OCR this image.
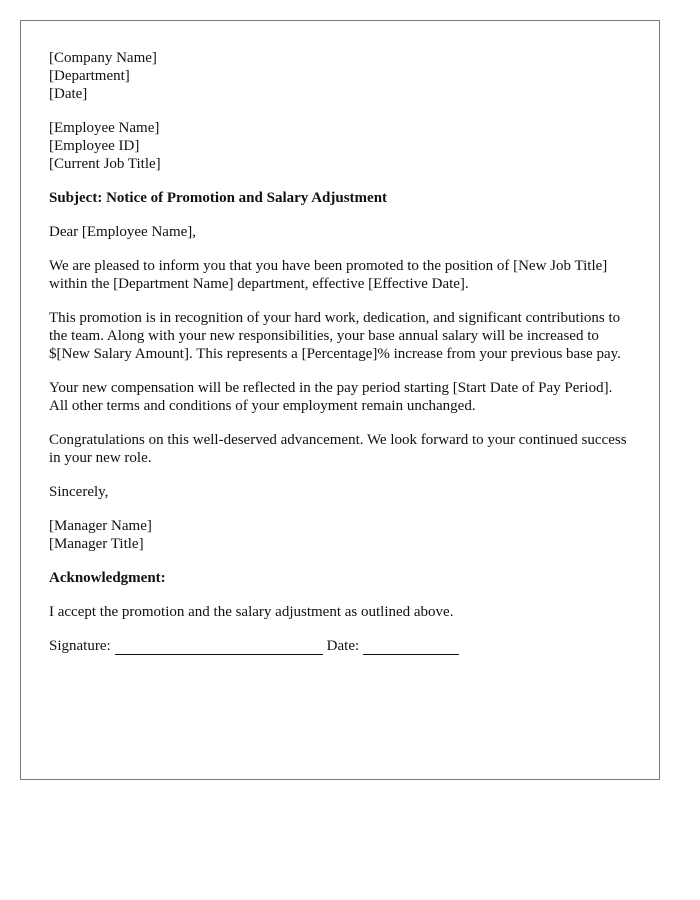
[Company Name]
[Department]
[Date]
[Employee Name]
[Employee ID]
[Current Job Title]

Subject: Notice of Promotion and Salary Adjustment

Dear [Employee Name],

We are pleased to inform you that you have been promoted to the position of [New Job Title] within the [Department Name] department, effective [Effective Date].

This promotion is in recognition of your hard work, dedication, and significant contributions to the team. Along with your new responsibilities, your base annual salary will be increased to $[New Salary Amount]. This represents a [Percentage]% increase from your previous base pay.

Your new compensation will be reflected in the pay period starting [Start Date of Pay Period]. All other terms and conditions of your employment remain unchanged.

Congratulations on this well-deserved advancement. We look forward to your continued success in your new role.

Sincerely,

[Manager Name]
[Manager Title]

Acknowledgment:

I accept the promotion and the salary adjustment as outlined above.

Signature:	Date:
